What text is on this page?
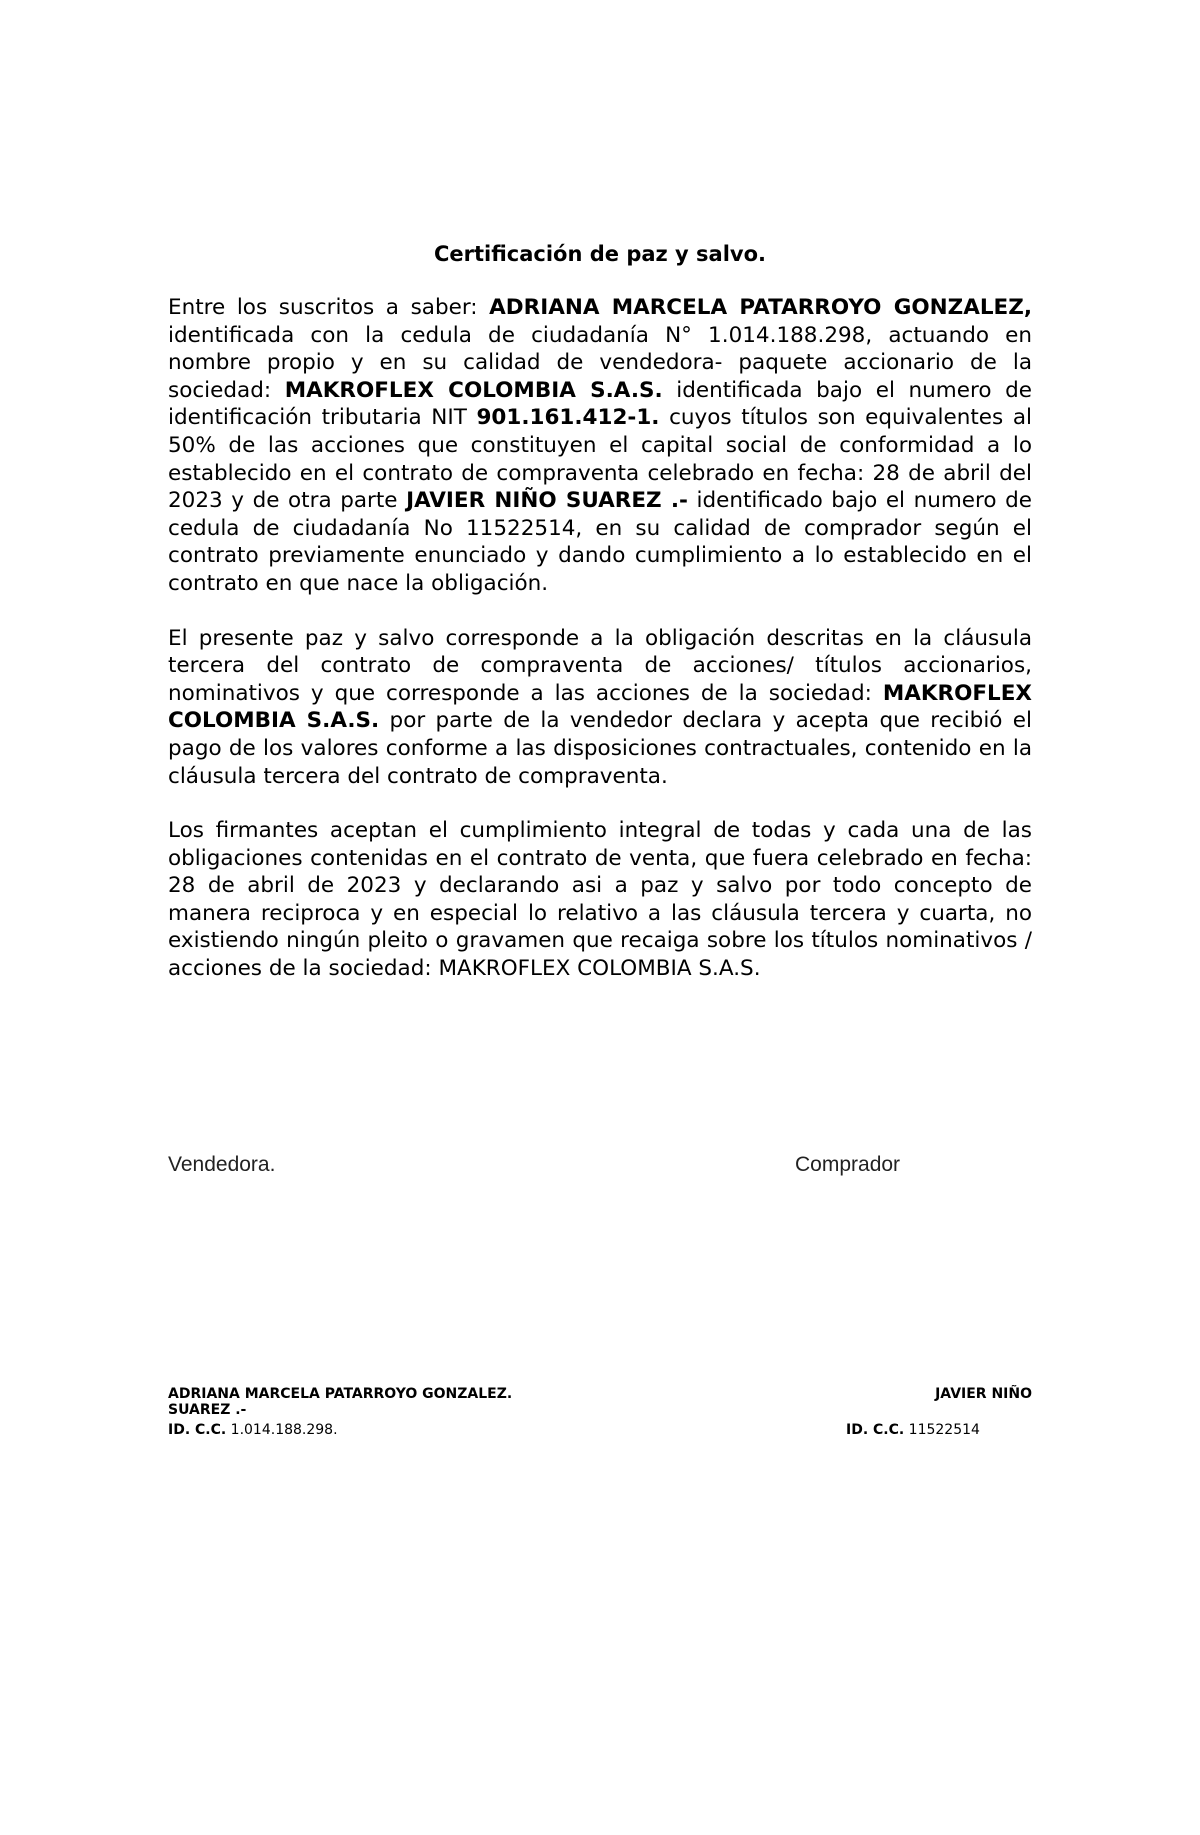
Certificación de paz y salvo.

Entre los suscritos a saber: ADRIANA MARCELA PATARROYO GONZALEZ, identificada con la cedula de ciudadanía N° 1.014.188.298, actuando en nombre propio y en su calidad de vendedora- paquete accionario de la sociedad: MAKROFLEX COLOMBIA S.A.S. identificada bajo el numero de identificación tributaria NIT 901.161.412-1. cuyos títulos son equivalentes al 50% de las acciones que constituyen el capital social de conformidad a lo establecido en el contrato de compraventa celebrado en fecha: 28 de abril del 2023 y de otra parte JAVIER NIÑO SUAREZ .- identificado bajo el numero de cedula de ciudadanía No 11522514, en su calidad de comprador según el contrato previamente enunciado y dando cumplimiento a lo establecido en el contrato en que nace la obligación.

El presente paz y salvo corresponde a la obligación descritas en la cláusula tercera del contrato de compraventa de acciones/ títulos accionarios, nominativos y que corresponde a las acciones de la sociedad: MAKROFLEX COLOMBIA S.A.S. por parte de la vendedor declara y acepta que recibió el pago de los valores conforme a las disposiciones contractuales, contenido en la cláusula tercera del contrato de compraventa.

Los firmantes aceptan el cumplimiento integral de todas y cada una de las obligaciones contenidas en el contrato de venta, que fuera celebrado en fecha: 28 de abril de 2023 y declarando asi a paz y salvo por todo concepto de manera reciproca y en especial lo relativo a las cláusula tercera y cuarta, no existiendo ningún pleito o gravamen que recaiga sobre los títulos nominativos / acciones de la sociedad: MAKROFLEX COLOMBIA S.A.S.

Vendedora.	Comprador
ADRIANA MARCELA PATARROYO GONZALEZ.
SUAREZ .-
JAVIER NIÑO
ID. C.C. 1.014.188.298.	ID. C.C. 11522514
